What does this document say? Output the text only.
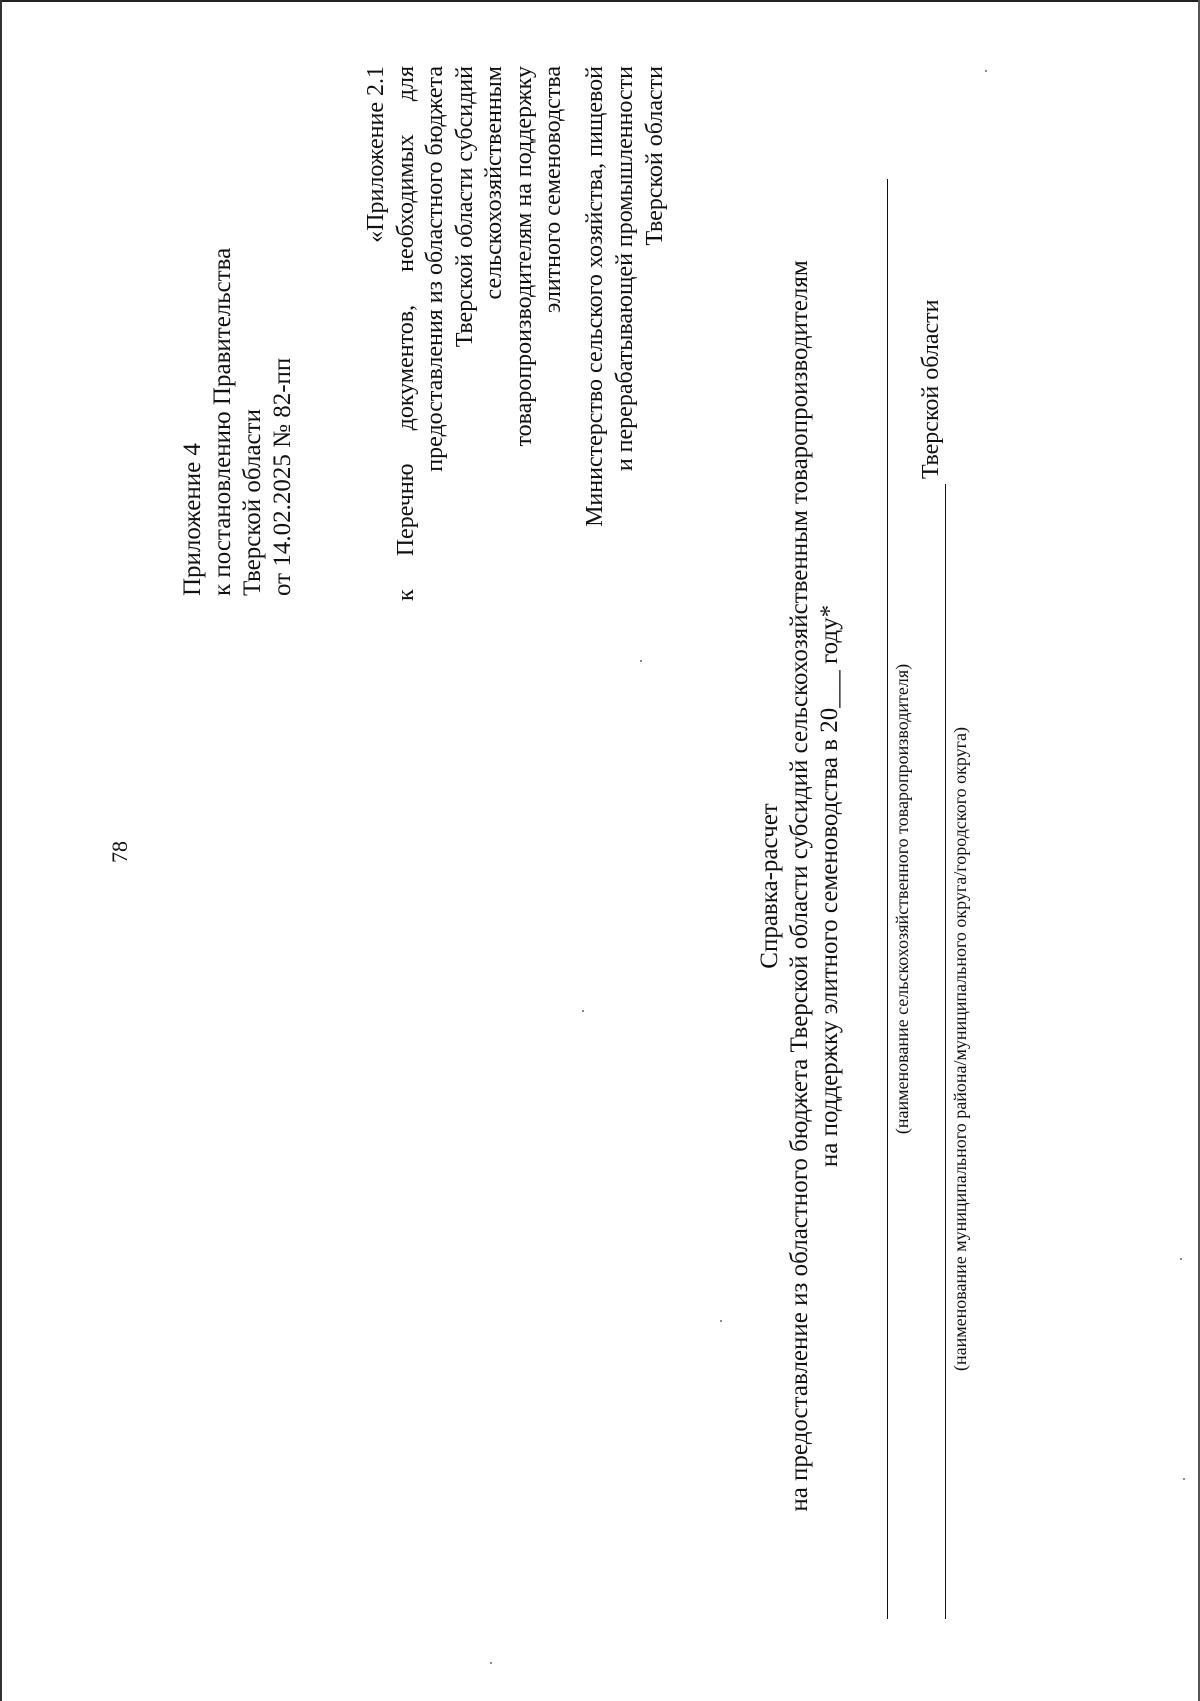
78
Приложение 4 к постановлению Правительства Тверской области от 14.02.2025 № 82-пп
«Приложение 2.1 к Перечню документов, необходимых для предоставления из областного бюджета Тверской области субсидий сельскохозяйственным товаропроизводителям на поддержку элитного семеноводства Министерство сельского хозяйства, пищевой и перерабатывающей промышленности Тверской области
Справка-расчет на предоставление из областного бюджета Тверской области субсидий сельскохозяйственным товаропроизводителям на поддержку элитного семеноводства в 20___ году*	(наименование сельскохозяйственного товаропроизводителя)
Тверской области
(наименование муниципального района/муниципального округа/городского округа)
